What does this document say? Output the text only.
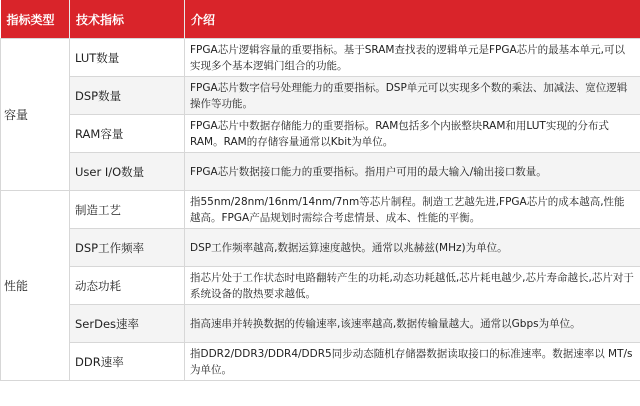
指标类型	技术指标	介绍
容量	LUT数量	FPGA芯片逻辑容量的重要指标。基于SRAM查找表的逻辑单元是FPGA芯片的最基本单元,可以实现多个基本逻辑门组合的功能。
	DSP数量	FPGA芯片数字信号处理能力的重要指标。DSP单元可以实现多个数的乘法、加减法、宽位逻辑操作等功能。
	RAM容量	FPGA芯片中数据存储能力的重要指标。RAM包括多个内嵌整块RAM和用LUT实现的分布式RAM。RAM的存储容量通常以Kbit为单位。
	User I/O数量	FPGA芯片数据接口能力的重要指标。指用户可用的最大输入/输出接口数量。
性能	制造工艺	指55nm/28nm/16nm/14nm/7nm等芯片制程。制造工艺越先进,FPGA芯片的成本越高,性能越高。FPGA产品规划时需综合考虑情景、成本、性能的平衡。
	DSP工作频率	DSP工作频率越高,数据运算速度越快。通常以兆赫兹(MHz)为单位。
	动态功耗	指芯片处于工作状态时电路翻转产生的功耗,动态功耗越低,芯片耗电越少,芯片寿命越长,芯片对于系统设备的散热要求越低。
	SerDes速率	指高速串并转换数据的传输速率,该速率越高,数据传输量越大。通常以Gbps为单位。
	DDR速率	指DDR2/DDR3/DDR4/DDR5同步动态随机存储器数据读取接口的标准速率。数据速率以 MT/s为单位。
